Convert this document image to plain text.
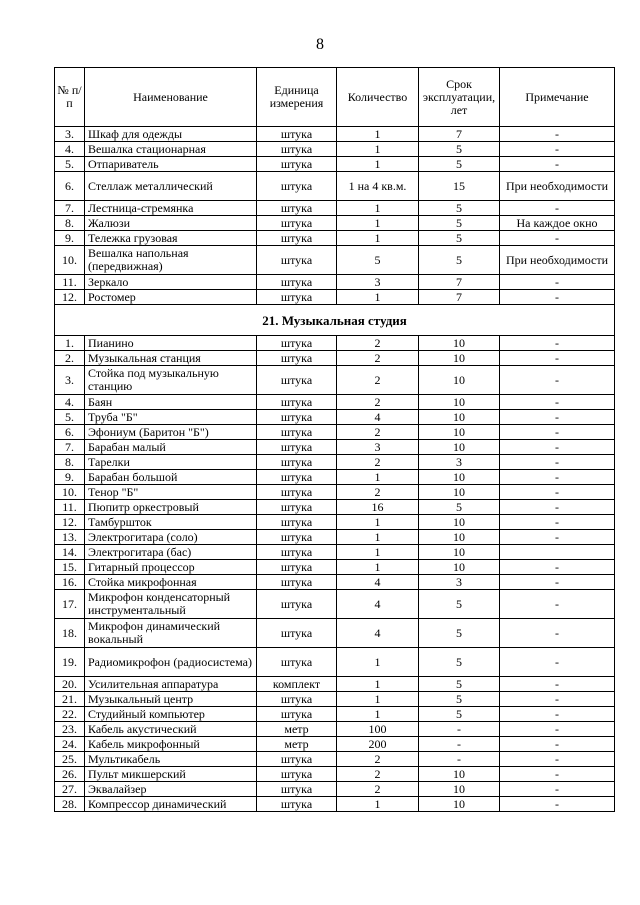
8
№ п/п	Наименование	Единица измерения	Количество	Срок эксплуатации, лет	Примечание
3.	Шкаф для одежды	штука	1	7	-
4.	Вешалка стационарная	штука	1	5	-
5.	Отпариватель	штука	1	5	-
6.	Стеллаж металлический	штука	1 на 4 кв.м.	15	При необходимости
7.	Лестница-стремянка	штука	1	5	-
8.	Жалюзи	штука	1	5	На каждое окно
9.	Тележка грузовая	штука	1	5	-
10.	Вешалка напольная (передвижная)	штука	5	5	При необходимости
11.	Зеркало	штука	3	7	-
12.	Ростомер	штука	1	7	-
21. Музыкальная студия					
1.	Пианино	штука	2	10	-
2.	Музыкальная станция	штука	2	10	-
3.	Стойка под музыкальную станцию	штука	2	10	-
4.	Баян	штука	2	10	-
5.	Труба "Б"	штука	4	10	-
6.	Эфониум (Баритон "Б")	штука	2	10	-
7.	Барабан малый	штука	3	10	-
8.	Тарелки	штука	2	3	-
9.	Барабан большой	штука	1	10	-
10.	Тенор "Б"	штука	2	10	-
11.	Пюпитр оркестровый	штука	16	5	-
12.	Тамбуршток	штука	1	10	-
13.	Электрогитара (соло)	штука	1	10	-
14.	Электрогитара (бас)	штука	1	10	
15.	Гитарный процессор	штука	1	10	-
16.	Стойка микрофонная	штука	4	3	-
17.	Микрофон конденсаторный инструментальный	штука	4	5	-
18.	Микрофон динамический вокальный	штука	4	5	-
19.	Радиомикрофон (радиосистема)	штука	1	5	-
20.	Усилительная аппаратура	комплект	1	5	-
21.	Музыкальный центр	штука	1	5	-
22.	Студийный компьютер	штука	1	5	-
23.	Кабель акустический	метр	100	-	-
24.	Кабель микрофонный	метр	200	-	-
25.	Мультикабель	штука	2	-	-
26.	Пульт микшерский	штука	2	10	-
27.	Эквалайзер	штука	2	10	-
28.	Компрессор динамический	штука	1	10	-
